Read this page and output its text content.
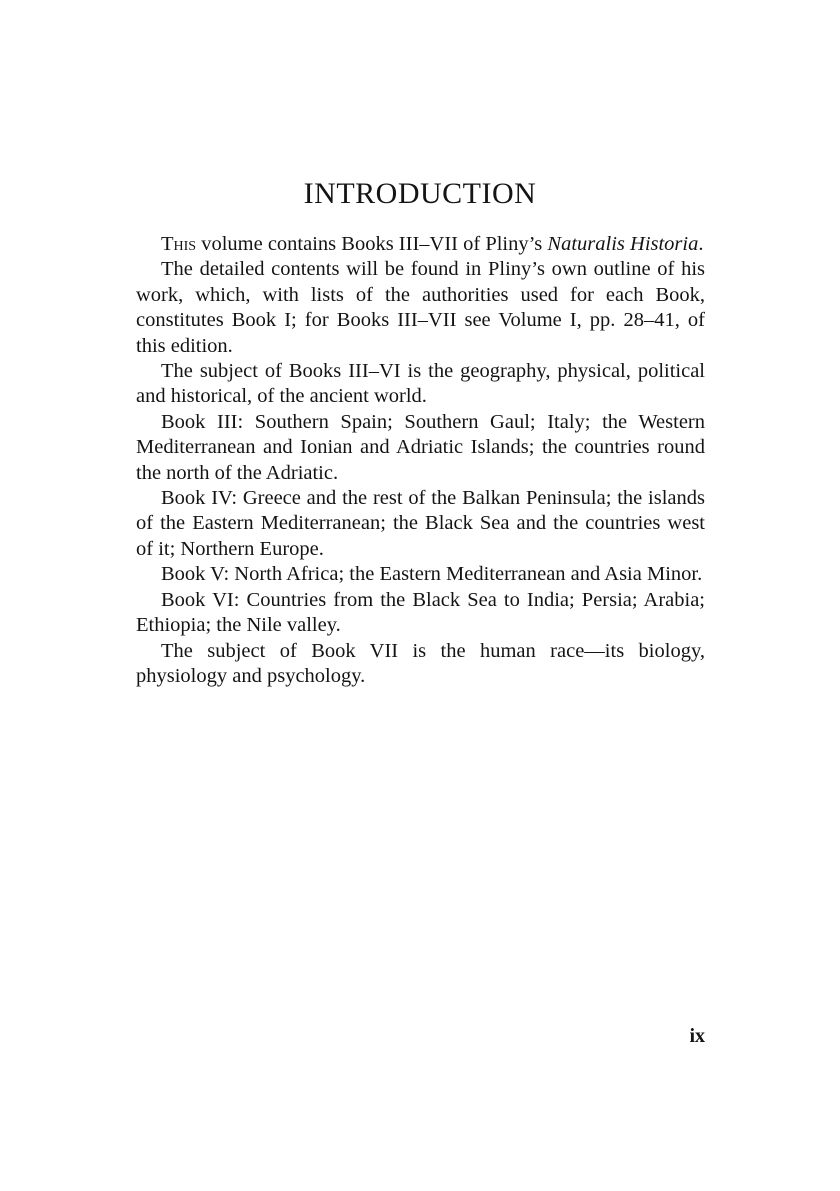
INTRODUCTION

This volume contains Books III–VII of Pliny’s Naturalis Historia.

The detailed contents will be found in Pliny’s own outline of his work, which, with lists of the authorities used for each Book, constitutes Book I; for Books III–VII see Volume I, pp. 28–41, of this edition.

The subject of Books III–VI is the geography, physical, political and historical, of the ancient world.

Book III: Southern Spain; Southern Gaul; Italy; the Western Mediterranean and Ionian and Adriatic Islands; the countries round the north of the Adriatic.

Book IV: Greece and the rest of the Balkan Peninsula; the islands of the Eastern Mediterranean; the Black Sea and the countries west of it; Northern Europe.

Book V: North Africa; the Eastern Mediterranean and Asia Minor.

Book VI: Countries from the Black Sea to India; Persia; Arabia; Ethiopia; the Nile valley.

The subject of Book VII is the human race—its biology, physiology and psychology.

ix
